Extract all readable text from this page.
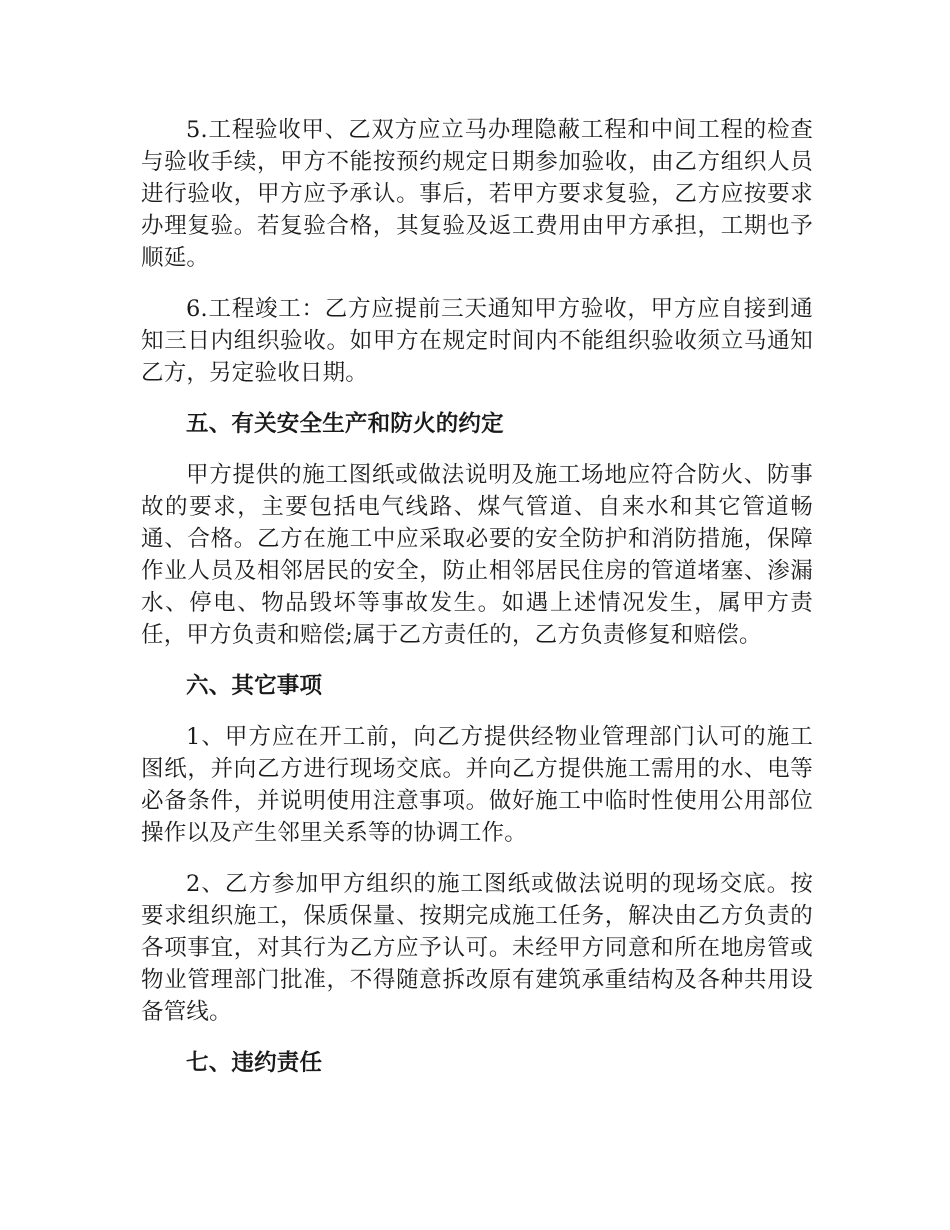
5.工程验收甲、乙双方应立马办理隐蔽工程和中间工程的检查与验收手续，甲方不能按预约规定日期参加验收，由乙方组织人员进行验收，甲方应予承认。事后，若甲方要求复验，乙方应按要求办理复验。若复验合格，其复验及返工费用由甲方承担，工期也予顺延。

6.工程竣工：乙方应提前三天通知甲方验收，甲方应自接到通知三日内组织验收。如甲方在规定时间内不能组织验收须立马通知乙方，另定验收日期。

五、有关安全生产和防火的约定

甲方提供的施工图纸或做法说明及施工场地应符合防火、防事故的要求，主要包括电气线路、煤气管道、自来水和其它管道畅通、合格。乙方在施工中应采取必要的安全防护和消防措施，保障作业人员及相邻居民的安全，防止相邻居民住房的管道堵塞、渗漏水、停电、物品毁坏等事故发生。如遇上述情况发生，属甲方责任，甲方负责和赔偿;属于乙方责任的，乙方负责修复和赔偿。

六、其它事项

1、甲方应在开工前，向乙方提供经物业管理部门认可的施工图纸，并向乙方进行现场交底。并向乙方提供施工需用的水、电等必备条件，并说明使用注意事项。做好施工中临时性使用公用部位操作以及产生邻里关系等的协调工作。

2、乙方参加甲方组织的施工图纸或做法说明的现场交底。按要求组织施工，保质保量、按期完成施工任务，解决由乙方负责的各项事宜，对其行为乙方应予认可。未经甲方同意和所在地房管或物业管理部门批准，不得随意拆改原有建筑承重结构及各种共用设备管线。

七、违约责任
